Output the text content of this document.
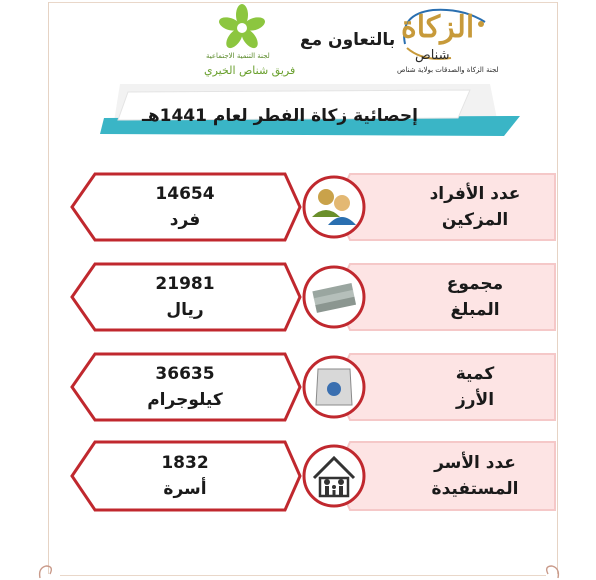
الزكاة
شناص
لجنة الزكاة والصدقات بولاية شناص
بالتعاون مع
لجنة التنمية الاجتماعية
فريق شناص الخيري
إحصائية زكاة الفطر لعام 1441هـ
عدد الأفراد
المزكين
14654
فرد
مجموع
المبلغ
21981
ريال
كمية
الأرز
36635
كيلوجرام
عدد الأسر
المستفيدة
1832
أسرة
